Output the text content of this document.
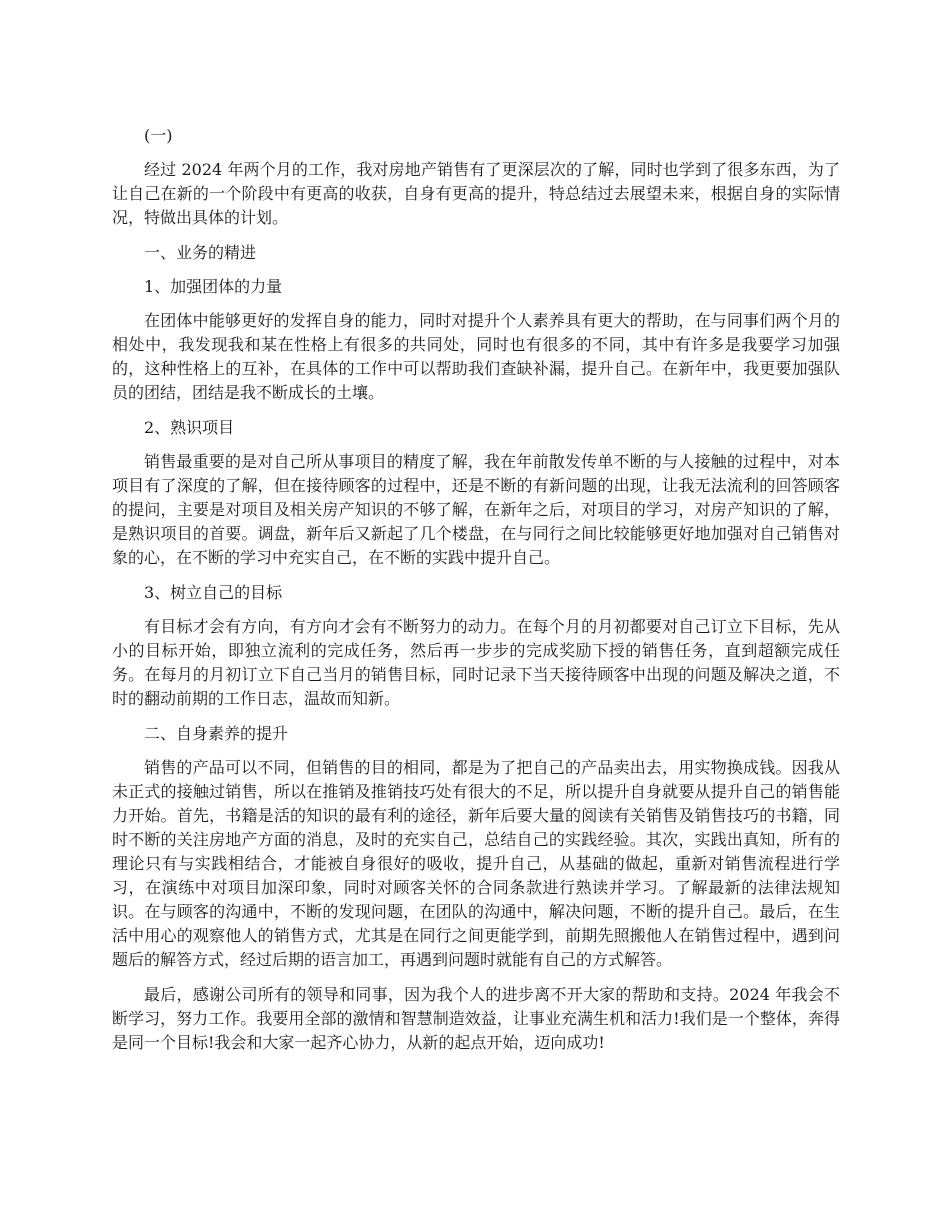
(一)

经过 2024 年两个月的工作，我对房地产销售有了更深层次的了解，同时也学到了很多东西，为了让自己在新的一个阶段中有更高的收获，自身有更高的提升，特总结过去展望未来，根据自身的实际情况，特做出具体的计划。

一、业务的精进

1、加强团体的力量

在团体中能够更好的发挥自身的能力，同时对提升个人素养具有更大的帮助，在与同事们两个月的相处中，我发现我和某在性格上有很多的共同处，同时也有很多的不同，其中有许多是我要学习加强的，这种性格上的互补，在具体的工作中可以帮助我们查缺补漏，提升自己。在新年中，我更要加强队员的团结，团结是我不断成长的土壤。

2、熟识项目

销售最重要的是对自己所从事项目的精度了解，我在年前散发传单不断的与人接触的过程中，对本项目有了深度的了解，但在接待顾客的过程中，还是不断的有新问题的出现，让我无法流利的回答顾客的提问，主要是对项目及相关房产知识的不够了解，在新年之后，对项目的学习，对房产知识的了解，是熟识项目的首要。调盘，新年后又新起了几个楼盘，在与同行之间比较能够更好地加强对自己销售对象的心，在不断的学习中充实自己，在不断的实践中提升自己。

3、树立自己的目标

有目标才会有方向，有方向才会有不断努力的动力。在每个月的月初都要对自己订立下目标，先从小的目标开始，即独立流利的完成任务，然后再一步步的完成奖励下授的销售任务，直到超额完成任务。在每月的月初订立下自己当月的销售目标，同时记录下当天接待顾客中出现的问题及解决之道，不时的翻动前期的工作日志，温故而知新。

二、自身素养的提升

销售的产品可以不同，但销售的目的相同，都是为了把自己的产品卖出去，用实物换成钱。因我从未正式的接触过销售，所以在推销及推销技巧处有很大的不足，所以提升自身就要从提升自己的销售能力开始。首先，书籍是活的知识的最有利的途径，新年后要大量的阅读有关销售及销售技巧的书籍，同时不断的关注房地产方面的消息，及时的充实自己，总结自己的实践经验。其次，实践出真知，所有的理论只有与实践相结合，才能被自身很好的吸收，提升自己，从基础的做起，重新对销售流程进行学习，在演练中对项目加深印象，同时对顾客关怀的合同条款进行熟读并学习。了解最新的法律法规知识。在与顾客的沟通中，不断的发现问题，在团队的沟通中，解决问题，不断的提升自己。最后，在生活中用心的观察他人的销售方式，尤其是在同行之间更能学到，前期先照搬他人在销售过程中，遇到问题后的解答方式，经过后期的语言加工，再遇到问题时就能有自己的方式解答。

最后，感谢公司所有的领导和同事，因为我个人的进步离不开大家的帮助和支持。2024 年我会不断学习，努力工作。我要用全部的激情和智慧制造效益，让事业充满生机和活力!我们是一个整体，奔得是同一个目标!我会和大家一起齐心协力，从新的起点开始，迈向成功!
